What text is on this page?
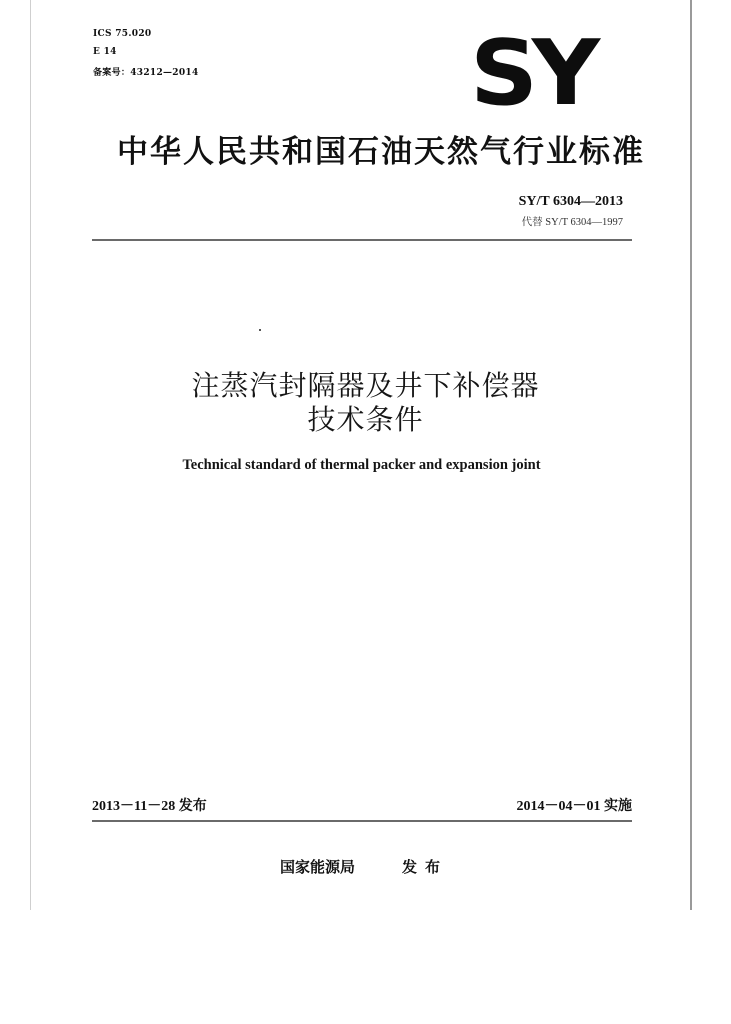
ICS 75.020
E 14
备案号：43212—2014	SY
中华人民共和国石油天然气行业标准
SY/T 6304—2013
代替 SY/T 6304—1997
注蒸汽封隔器及井下补偿器
技术条件
Technical standard of thermal packer and expansion joint
2013－11－28 发布	2014－04－01 实施
国家能源局	发布
